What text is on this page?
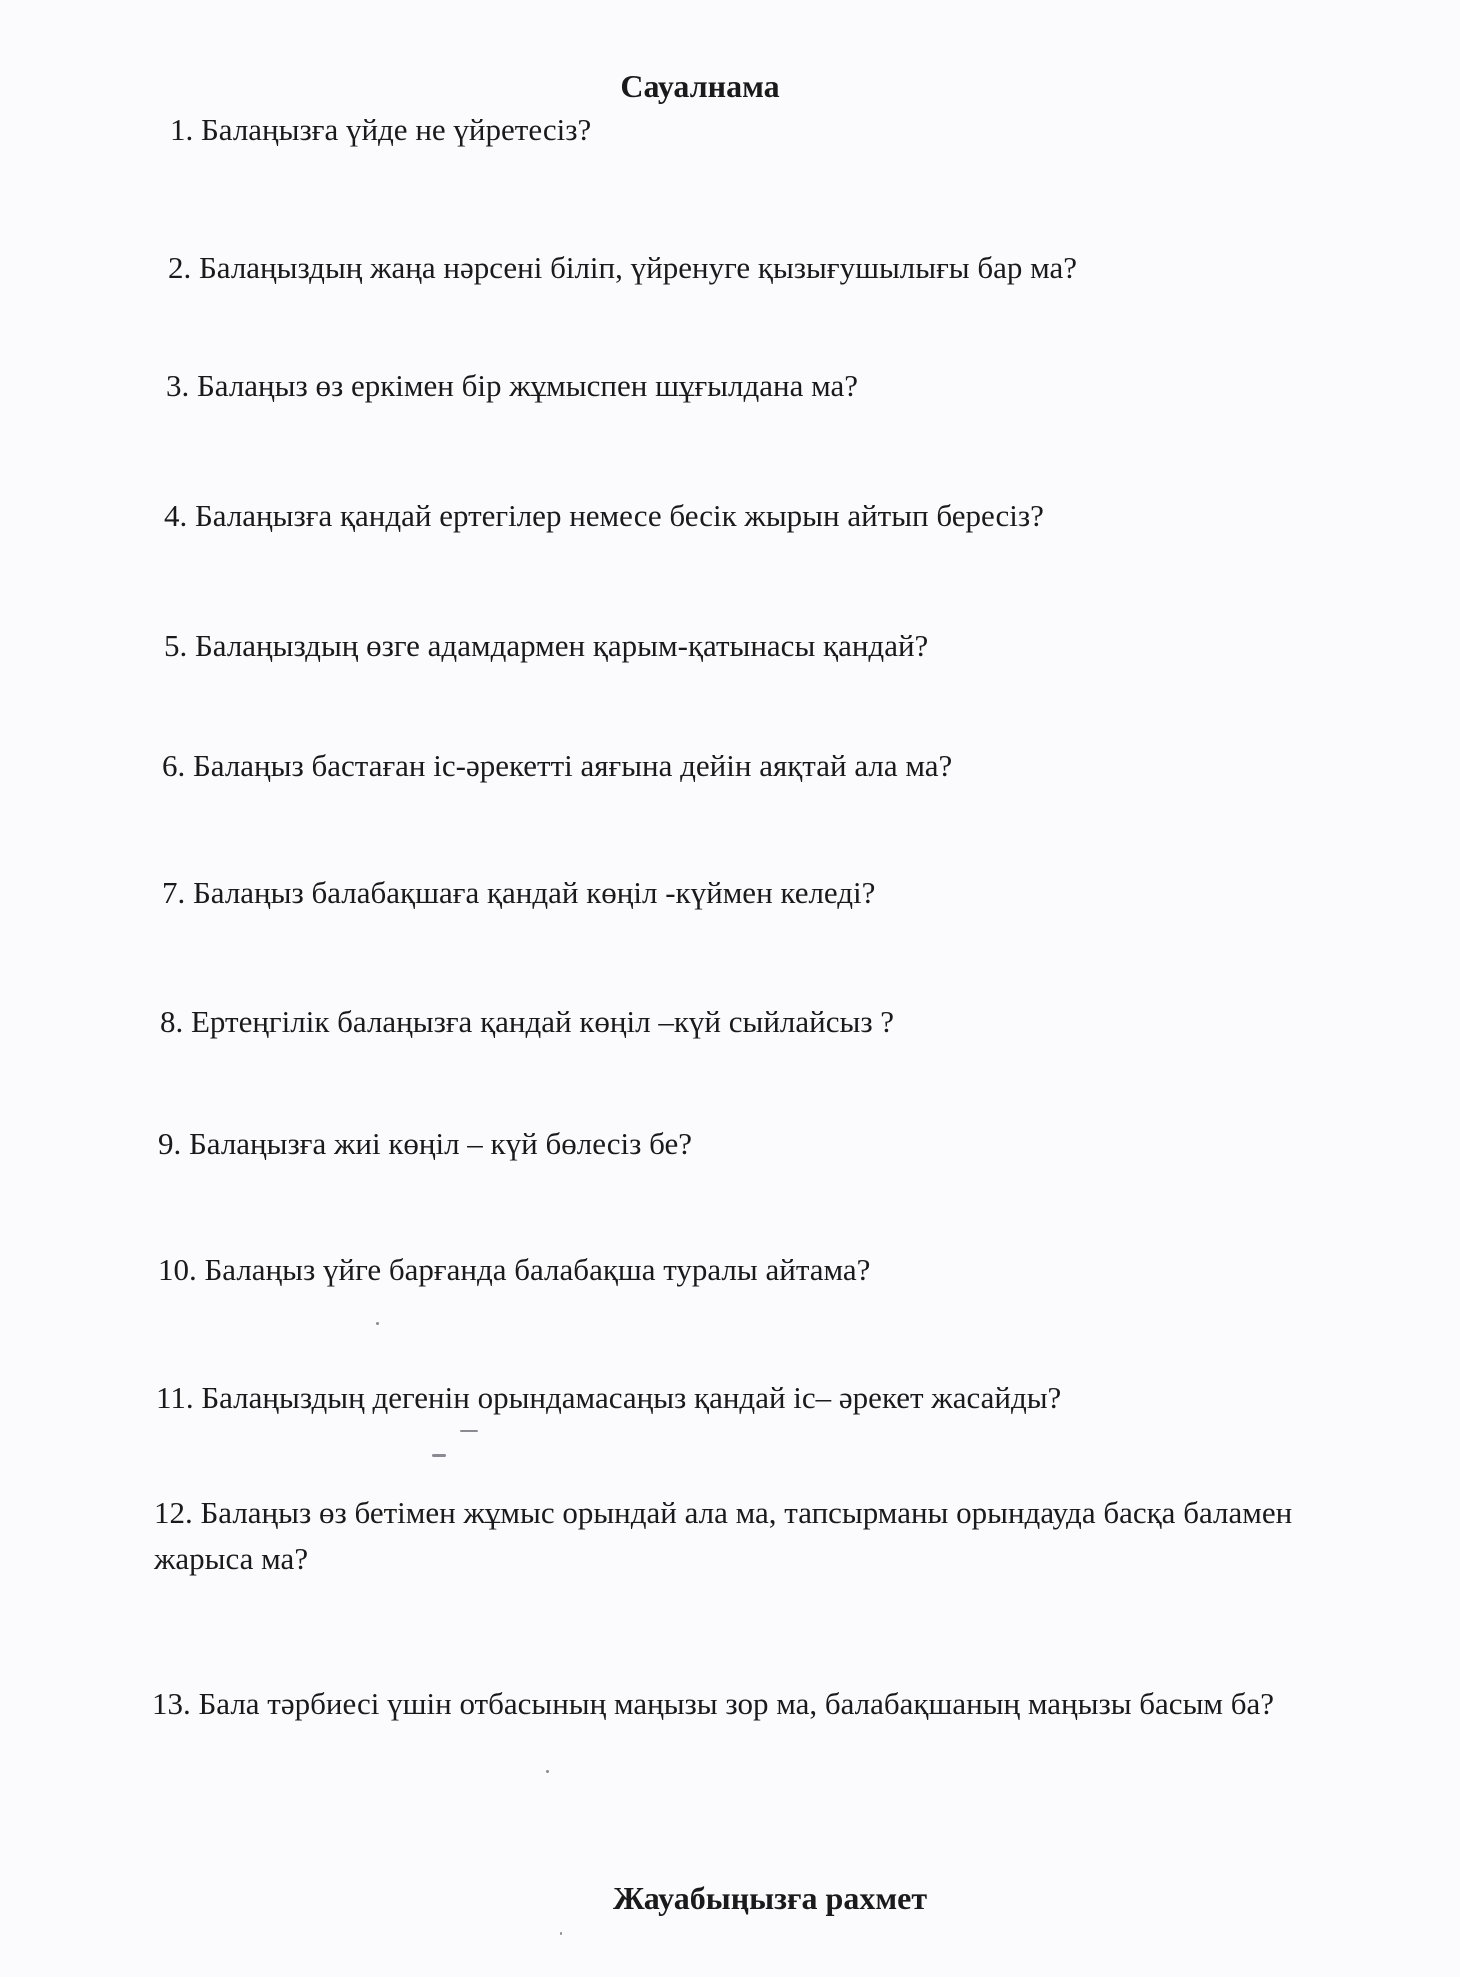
Сауалнама
1. Балаңызға үйде не үйретесіз?
2. Балаңыздың жаңа нәрсені біліп, үйренуге қызығушылығы бар ма?
3. Балаңыз өз еркімен бір жұмыспен шұғылдана ма?
4. Балаңызға қандай ертегілер немесе бесік жырын айтып бересіз?
5. Балаңыздың өзге адамдармен қарым-қатынасы қандай?
6. Балаңыз бастаған іс-әрекетті аяғына дейін аяқтай ала ма?
7. Балаңыз балабақшаға қандай көңіл -күймен келеді?
8. Ертеңгілік балаңызға қандай көңіл –күй сыйлайсыз ?
9. Балаңызға жиі көңіл – күй бөлесіз бе?
10. Балаңыз үйге барғанда балабақша туралы айтама?
11. Балаңыздың дегенін орындамасаңыз қандай іс– әрекет жасайды?
12. Балаңыз өз бетімен жұмыс орындай ала ма, тапсырманы орындауда басқа баламен жарыса ма?
13. Бала тәрбиесі үшін отбасының маңызы зор ма, балабақшаның маңызы басым ба?
Жауабыңызға рахмет
